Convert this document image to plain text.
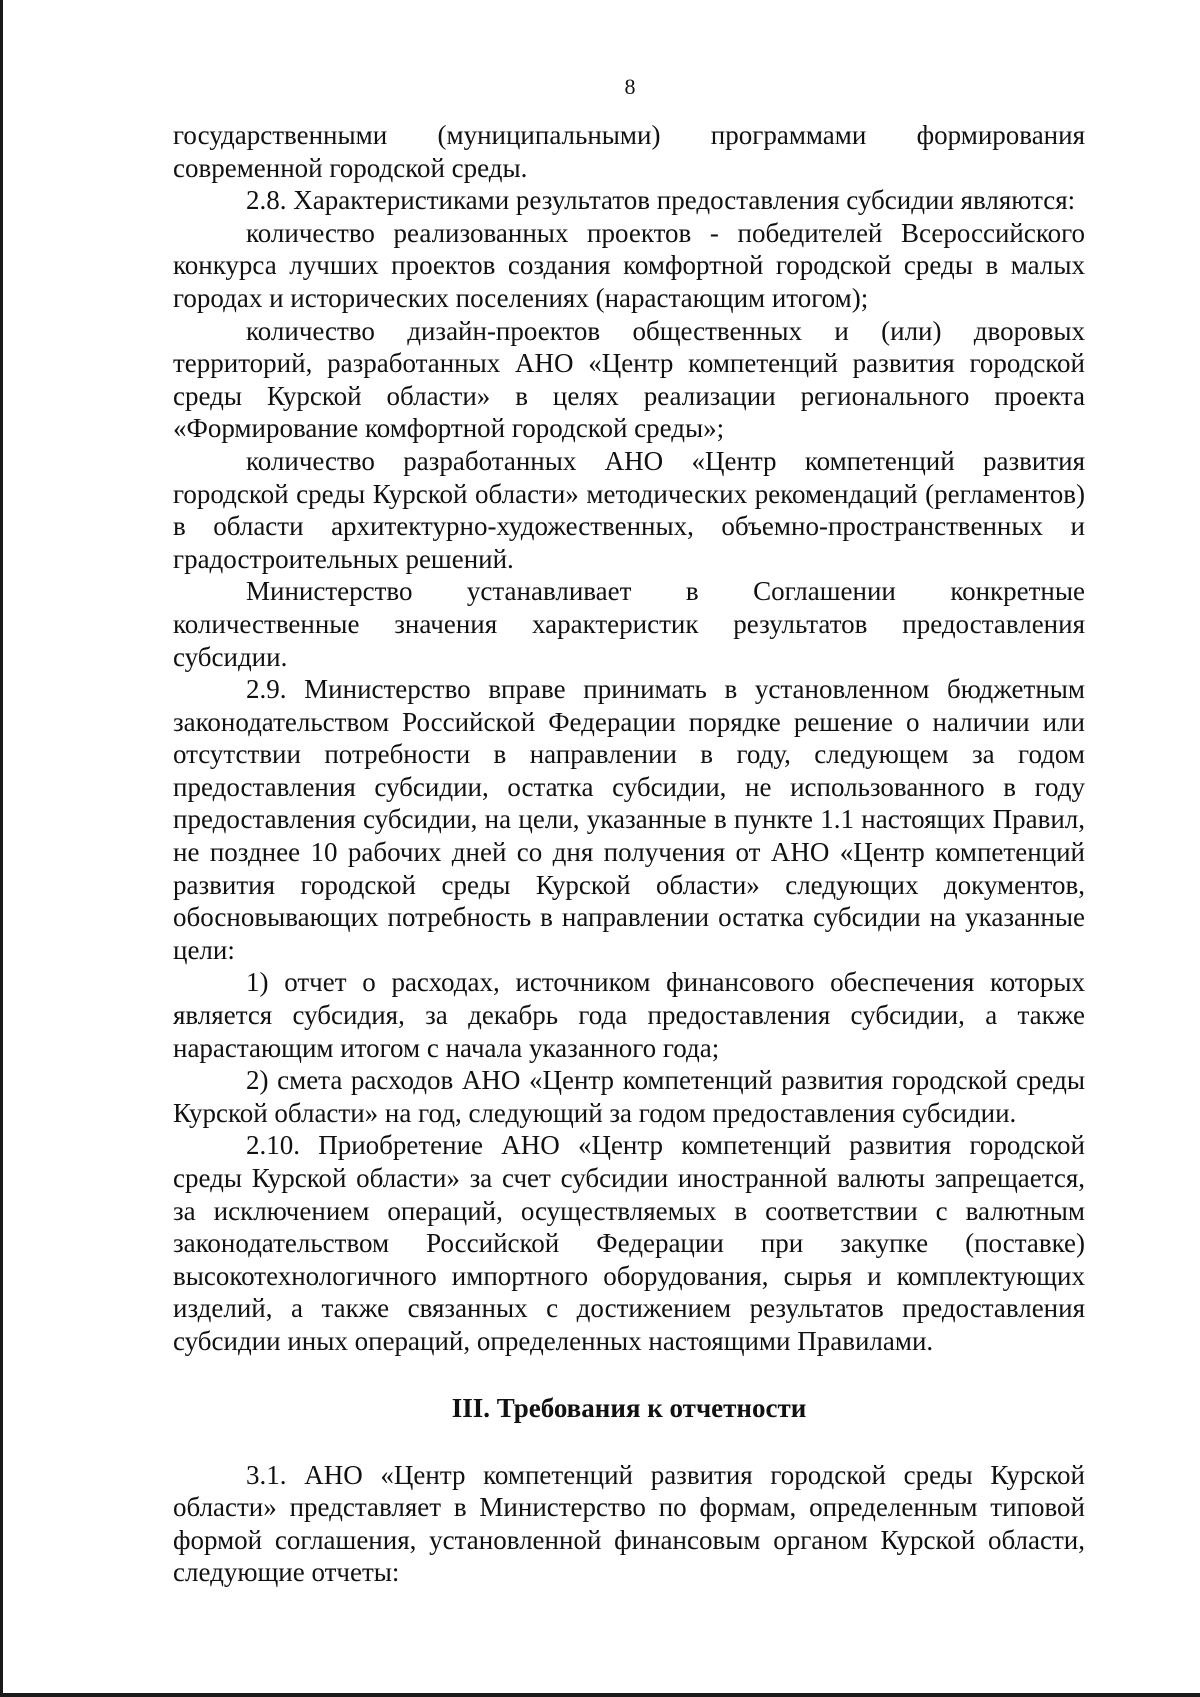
8

государственными (муниципальными) программами формирования современной городской среды.

2.8. Характеристиками результатов предоставления субсидии являются:

количество реализованных проектов - победителей Всероссийского конкурса лучших проектов создания комфортной городской среды в малых городах и исторических поселениях (нарастающим итогом);

количество дизайн-проектов общественных и (или) дворовых территорий, разработанных АНО «Центр компетенций развития городской среды Курской области» в целях реализации регионального проекта «Формирование комфортной городской среды»;

количество разработанных АНО «Центр компетенций развития городской среды Курской области» методических рекомендаций (регламентов) в области архитектурно-художественных, объемно-пространственных и градостроительных решений.

Министерство устанавливает в Соглашении конкретные количественные значения характеристик результатов предоставления субсидии.

2.9. Министерство вправе принимать в установленном бюджетным законодательством Российской Федерации порядке решение о наличии или отсутствии потребности в направлении в году, следующем за годом предоставления субсидии, остатка субсидии, не использованного в году предоставления субсидии, на цели, указанные в пункте 1.1 настоящих Правил, не позднее 10 рабочих дней со дня получения от АНО «Центр компетенций развития городской среды Курской области» следующих документов, обосновывающих потребность в направлении остатка субсидии на указанные цели:

1) отчет о расходах, источником финансового обеспечения которых является субсидия, за декабрь года предоставления субсидии, а также нарастающим итогом с начала указанного года;

2) смета расходов АНО «Центр компетенций развития городской среды Курской области» на год, следующий за годом предоставления субсидии.

2.10. Приобретение АНО «Центр компетенций развития городской среды Курской области» за счет субсидии иностранной валюты запрещается, за исключением операций, осуществляемых в соответствии с валютным законодательством Российской Федерации при закупке (поставке) высокотехнологичного импортного оборудования, сырья и комплектующих изделий, а также связанных с достижением результатов предоставления субсидии иных операций, определенных настоящими Правилами.

III. Требования к отчетности

3.1. АНО «Центр компетенций развития городской среды Курской области» представляет в Министерство по формам, определенным типовой формой соглашения, установленной финансовым органом Курской области, следующие отчеты:
